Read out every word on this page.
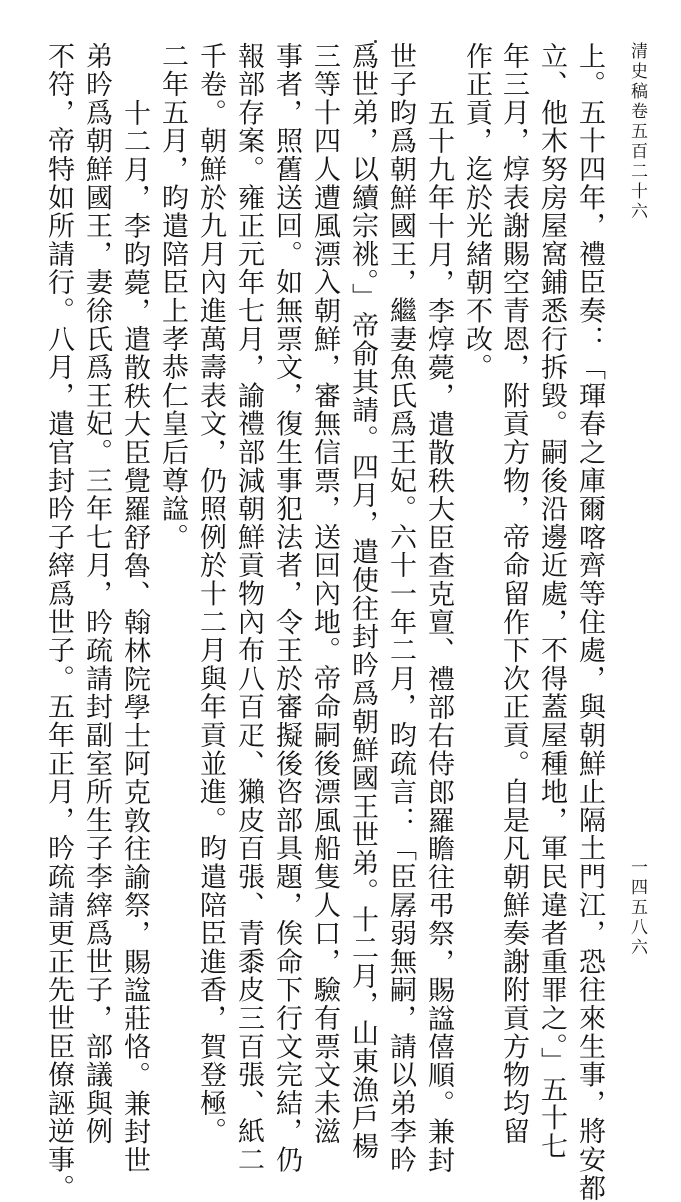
清史稿卷五百二十六
一四五八六
上。五十四年，禮臣奏：「琿春之庫爾喀齊等住處，與朝鮮止隔土門江，恐往來生事，將安都
立、他木努房屋窩鋪悉行拆毀。嗣後沿邊近處，不得蓋屋種地，軍民違者重罪之。」五十七
年三月，焞表謝賜空青恩，附貢方物，帝命留作下次正貢。自是凡朝鮮奏謝附貢方物均留
作正貢，迄於光緒朝不改。
五十九年十月，李焞薨，遣散秩大臣查克亶、禮部右侍郎羅瞻往弔祭，賜諡僖順。兼封
世子昀爲朝鮮國王，繼妻魚氏爲王妃。六十一年二月，昀疏言：「臣孱弱無嗣，請以弟李昑
爲世弟，以續宗祧。」帝俞其請。四月，遣使往封昑爲朝鮮國王世弟。十二月，山東漁戶楊
三等十四人遭風漂入朝鮮，審無信票，送回內地。帝命嗣後漂風船隻人口，驗有票文未滋
事者，照舊送回。如無票文，復生事犯法者，令王於審擬後咨部具題，俟命下行文完結，仍
報部存案。雍正元年七月，諭禮部減朝鮮貢物內布八百疋、獺皮百張、青黍皮三百張、紙二
千卷。朝鮮於九月內進萬壽表文，仍照例於十二月與年貢並進。昀遣陪臣進香，賀登極。
二年五月，昀遣陪臣上孝恭仁皇后尊諡。
十二月，李昀薨，遣散秩大臣覺羅舒魯、翰林院學士阿克敦往諭祭，賜諡莊恪。兼封世
弟昑爲朝鮮國王，妻徐氏爲王妃。三年七月，昑疏請封副室所生子李縡爲世子，部議與例
不符，帝特如所請行。八月，遣官封昑子縡爲世子。五年正月，昑疏請更正先世臣僚誣逆事。
